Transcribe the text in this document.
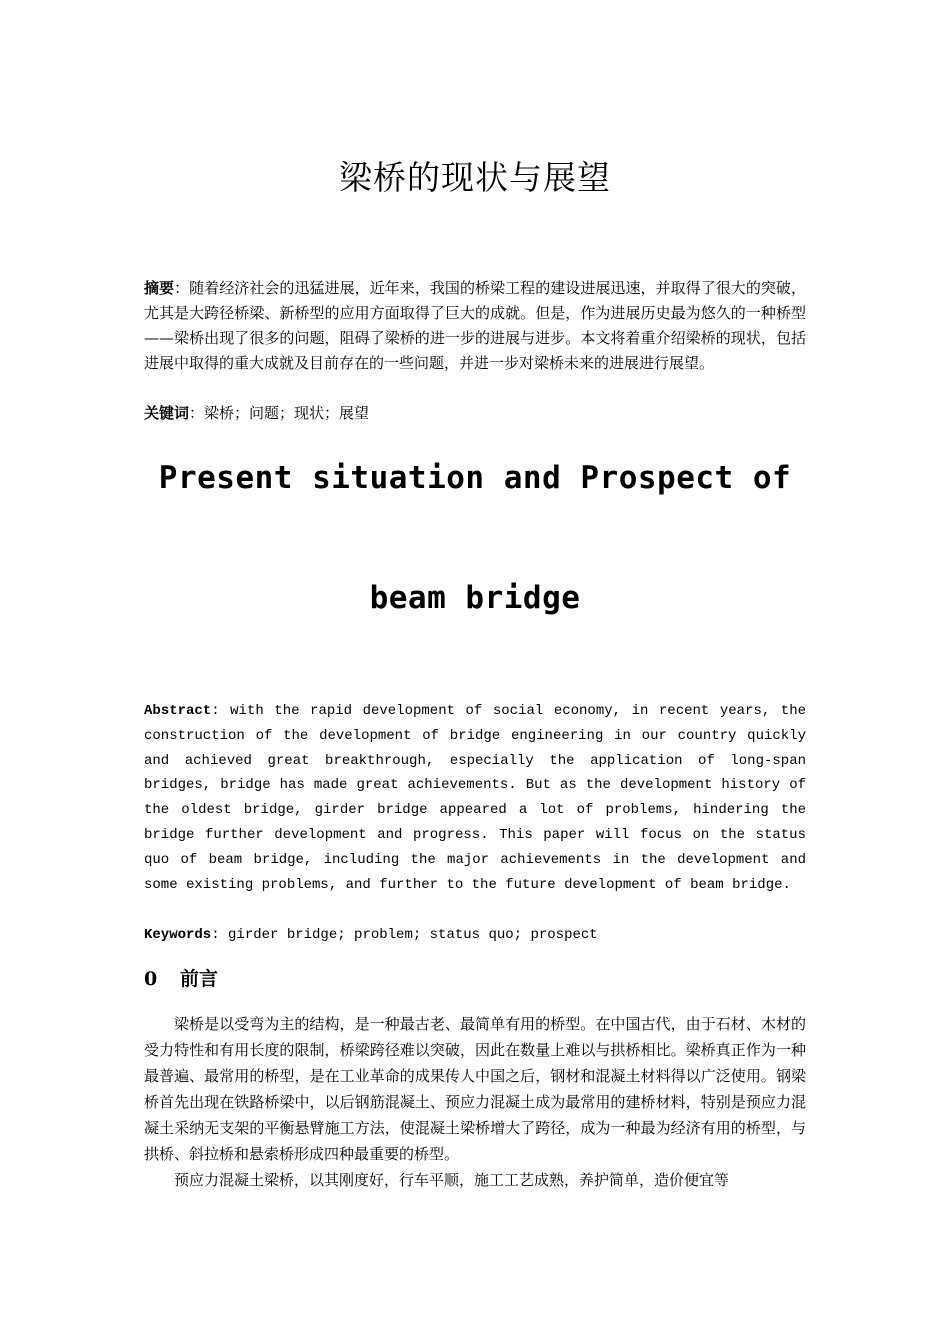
梁桥的现状与展望
摘要：随着经济社会的迅猛进展，近年来，我国的桥梁工程的建设进展迅速，并取得了很大的突破，尤其是大跨径桥梁、新桥型的应用方面取得了巨大的成就。但是，作为进展历史最为悠久的一种桥型——梁桥出现了很多的问题，阻碍了梁桥的进一步的进展与进步。本文将着重介绍梁桥的现状，包括进展中取得的重大成就及目前存在的一些问题，并进一步对梁桥未来的进展进行展望。
关键词：梁桥；问题；现状；展望
Present situation and Prospect of
beam bridge
Abstract: with the rapid development of social economy, in recent years, the construction of the development of bridge engineering in our country quickly and achieved great breakthrough, especially the application of long-span bridges, bridge has made great achievements. But as the development history of the oldest bridge, girder bridge appeared a lot of problems, hindering the bridge further development and progress. This paper will focus on the status quo of beam bridge, including the major achievements in the development and some existing problems, and further to the future development of beam bridge.
Keywords: girder bridge; problem; status quo; prospect
0 前言

梁桥是以受弯为主的结构，是一种最古老、最简单有用的桥型。在中国古代，由于石材、木材的受力特性和有用长度的限制，桥梁跨径难以突破，因此在数量上难以与拱桥相比。梁桥真正作为一种最普遍、最常用的桥型，是在工业革命的成果传人中国之后，钢材和混凝土材料得以广泛使用。钢梁桥首先出现在铁路桥梁中，以后钢筋混凝土、预应力混凝土成为最常用的建桥材料，特别是预应力混凝土采纳无支架的平衡悬臂施工方法，使混凝土梁桥增大了跨径，成为一种最为经济有用的桥型，与拱桥、斜拉桥和悬索桥形成四种最重要的桥型。

预应力混凝土梁桥，以其刚度好，行车平顺，施工工艺成熟，养护简单，造价便宜等
